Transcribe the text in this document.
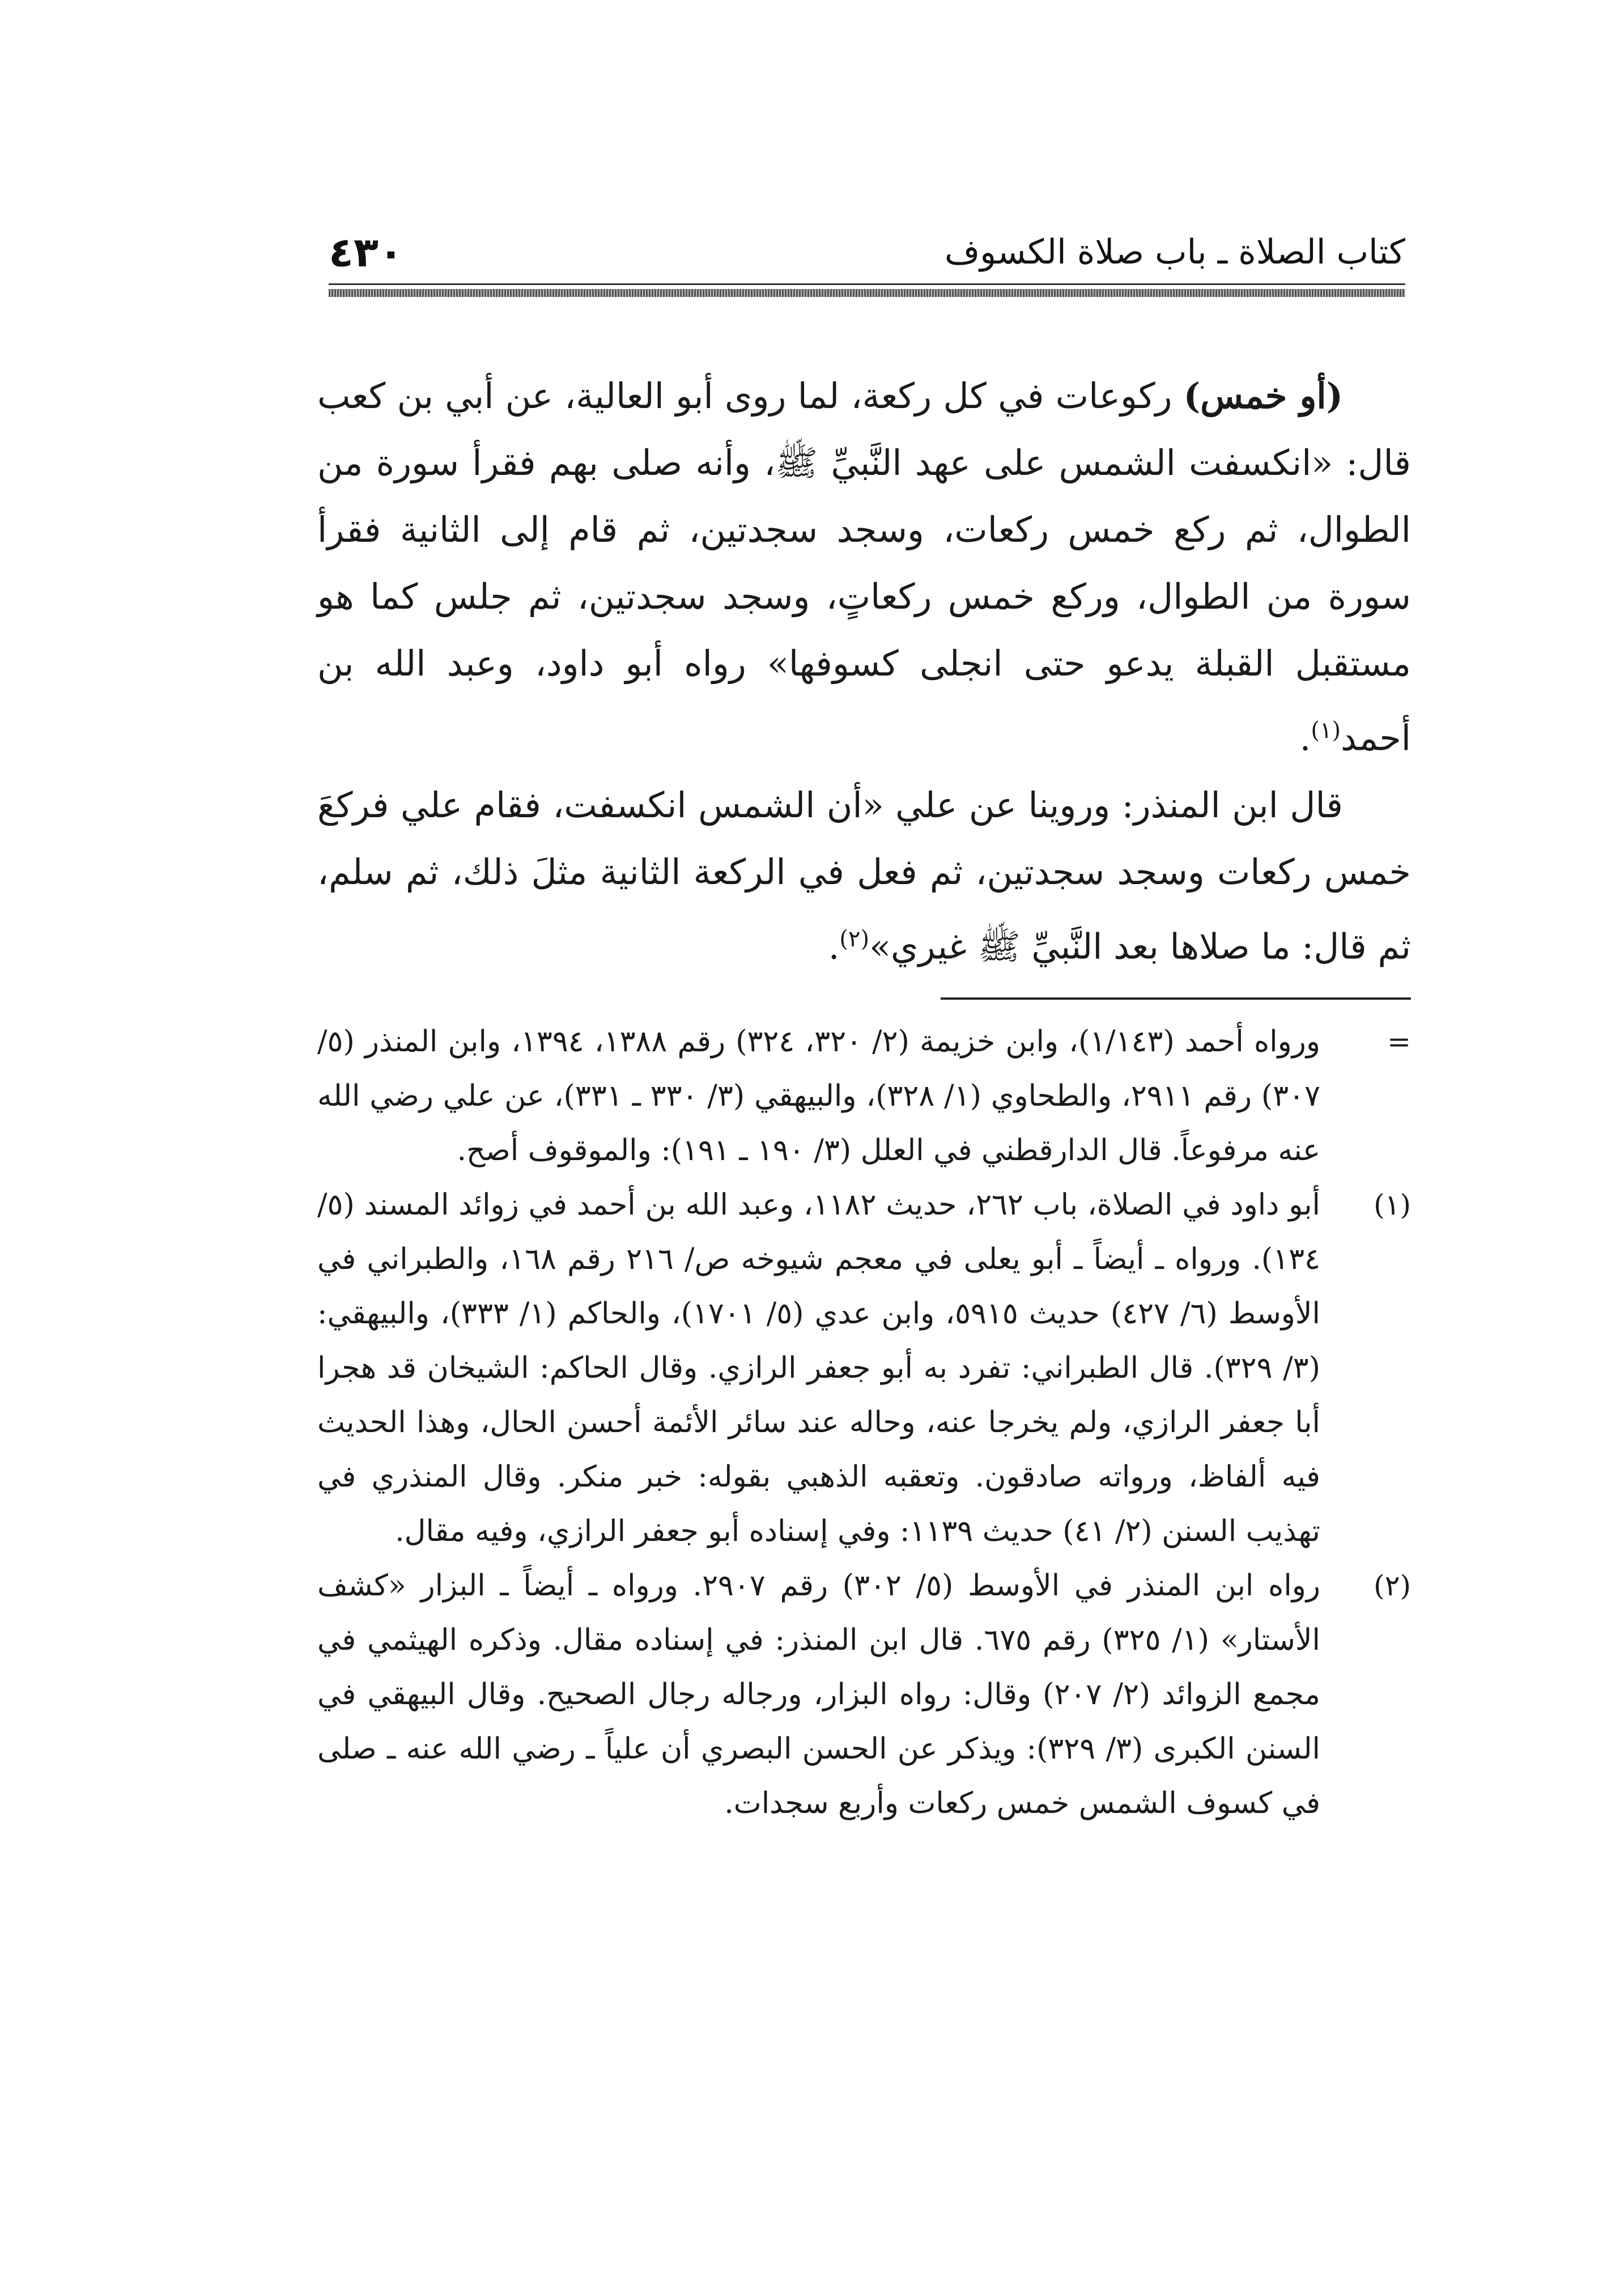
٤٣٠	كتاب الصلاة ـ باب صلاة الكسوف

(أو خمس) ركوعات في كل ركعة، لما روى أبو العالية، عن أبي بن كعب قال: «انكسفت الشمس على عهد النَّبيِّ ﷺ، وأنه صلى بهم فقرأ سورة من الطوال، ثم ركع خمس ركعات، وسجد سجدتين، ثم قام إلى الثانية فقرأ سورة من الطوال، وركع خمس ركعاتٍ، وسجد سجدتين، ثم جلس كما هو مستقبل القبلة يدعو حتى انجلى كسوفها» رواه أبو داود، وعبد الله بن أحمد$^{(١)}$.

قال ابن المنذر: وروينا عن علي «أن الشمس انكسفت، فقام علي فركعَ خمس ركعات وسجد سجدتين، ثم فعل في الركعة الثانية مثلَ ذلك، ثم سلم، ثم قال: ما صلاها بعد النَّبيِّ ﷺ غيري»$^{(٢)}$.

=
ورواه أحمد (١/١٤٣)، وابن خزيمة (٢/ ٣٢٠، ٣٢٤) رقم ١٣٨٨، ١٣٩٤، وابن المنذر (٥/ ٣٠٧) رقم ٢٩١١، والطحاوي (١/ ٣٢٨)، والبيهقي (٣/ ٣٣٠ ـ ٣٣١)، عن علي رضي الله عنه مرفوعاً. قال الدارقطني في العلل (٣/ ١٩٠ ـ ١٩١): والموقوف أصح.
(١)
أبو داود في الصلاة، باب ٢٦٢، حديث ١١٨٢، وعبد الله بن أحمد في زوائد المسند (٥/ ١٣٤). ورواه ـ أيضاً ـ أبو يعلى في معجم شيوخه ص/ ٢١٦ رقم ١٦٨، والطبراني في الأوسط (٦/ ٤٢٧) حديث ٥٩١٥، وابن عدي (٥/ ١٧٠١)، والحاكم (١/ ٣٣٣)، والبيهقي: (٣/ ٣٢٩). قال الطبراني: تفرد به أبو جعفر الرازي. وقال الحاكم: الشيخان قد هجرا أبا جعفر الرازي، ولم يخرجا عنه، وحاله عند سائر الأئمة أحسن الحال، وهذا الحديث فيه ألفاظ، ورواته صادقون. وتعقبه الذهبي بقوله: خبر منكر. وقال المنذري في تهذيب السنن (٢/ ٤١) حديث ١١٣٩: وفي إسناده أبو جعفر الرازي، وفيه مقال.
(٢)
رواه ابن المنذر في الأوسط (٥/ ٣٠٢) رقم ٢٩٠٧. ورواه ـ أيضاً ـ البزار «كشف الأستار» (١/ ٣٢٥) رقم ٦٧٥. قال ابن المنذر: في إسناده مقال. وذكره الهيثمي في مجمع الزوائد (٢/ ٢٠٧) وقال: رواه البزار، ورجاله رجال الصحيح. وقال البيهقي في السنن الكبرى (٣/ ٣٢٩): ويذكر عن الحسن البصري أن علياً ـ رضي الله عنه ـ صلى في كسوف الشمس خمس ركعات وأربع سجدات.
